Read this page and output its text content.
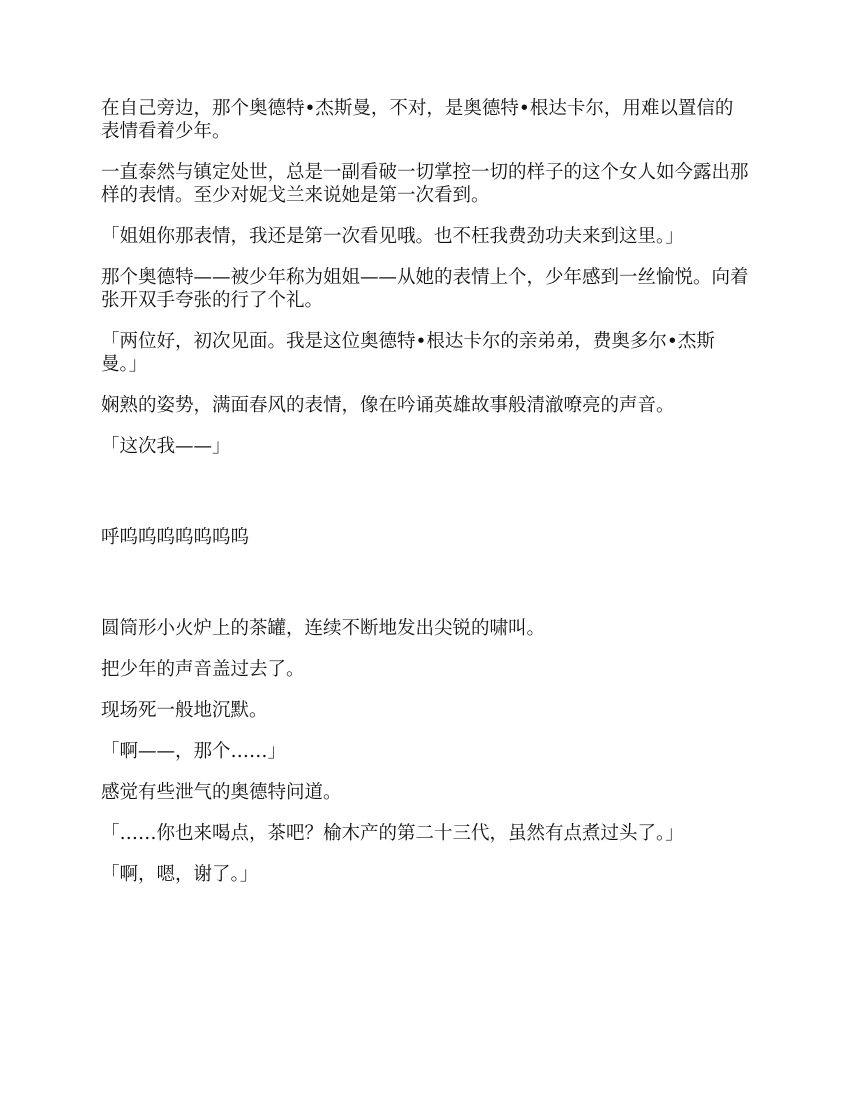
在自己旁边，那个奥德特•杰斯曼，不对，是奥德特•根达卡尔，用难以置信的表情看着少年。

一直泰然与镇定处世，总是一副看破一切掌控一切的样子的这个女人如今露出那样的表情。至少对妮戈兰来说她是第一次看到。

「姐姐你那表情，我还是第一次看见哦。也不枉我费劲功夫来到这里。」

那个奥德特——被少年称为姐姐——从她的表情上个，少年感到一丝愉悦。向着张开双手夸张的行了个礼。

「两位好，初次见面。我是这位奥德特•根达卡尔的亲弟弟，费奥多尔•杰斯曼。」

娴熟的姿势，满面春风的表情，像在吟诵英雄故事般清澈嘹亮的声音。

「这次我——」

呼呜呜呜呜呜呜呜

圆筒形小火炉上的茶罐，连续不断地发出尖锐的啸叫。

把少年的声音盖过去了。

现场死一般地沉默。

「啊——，那个……」

感觉有些泄气的奥德特问道。

「……你也来喝点，茶吧？榆木产的第二十三代，虽然有点煮过头了。」

「啊，嗯，谢了。」
